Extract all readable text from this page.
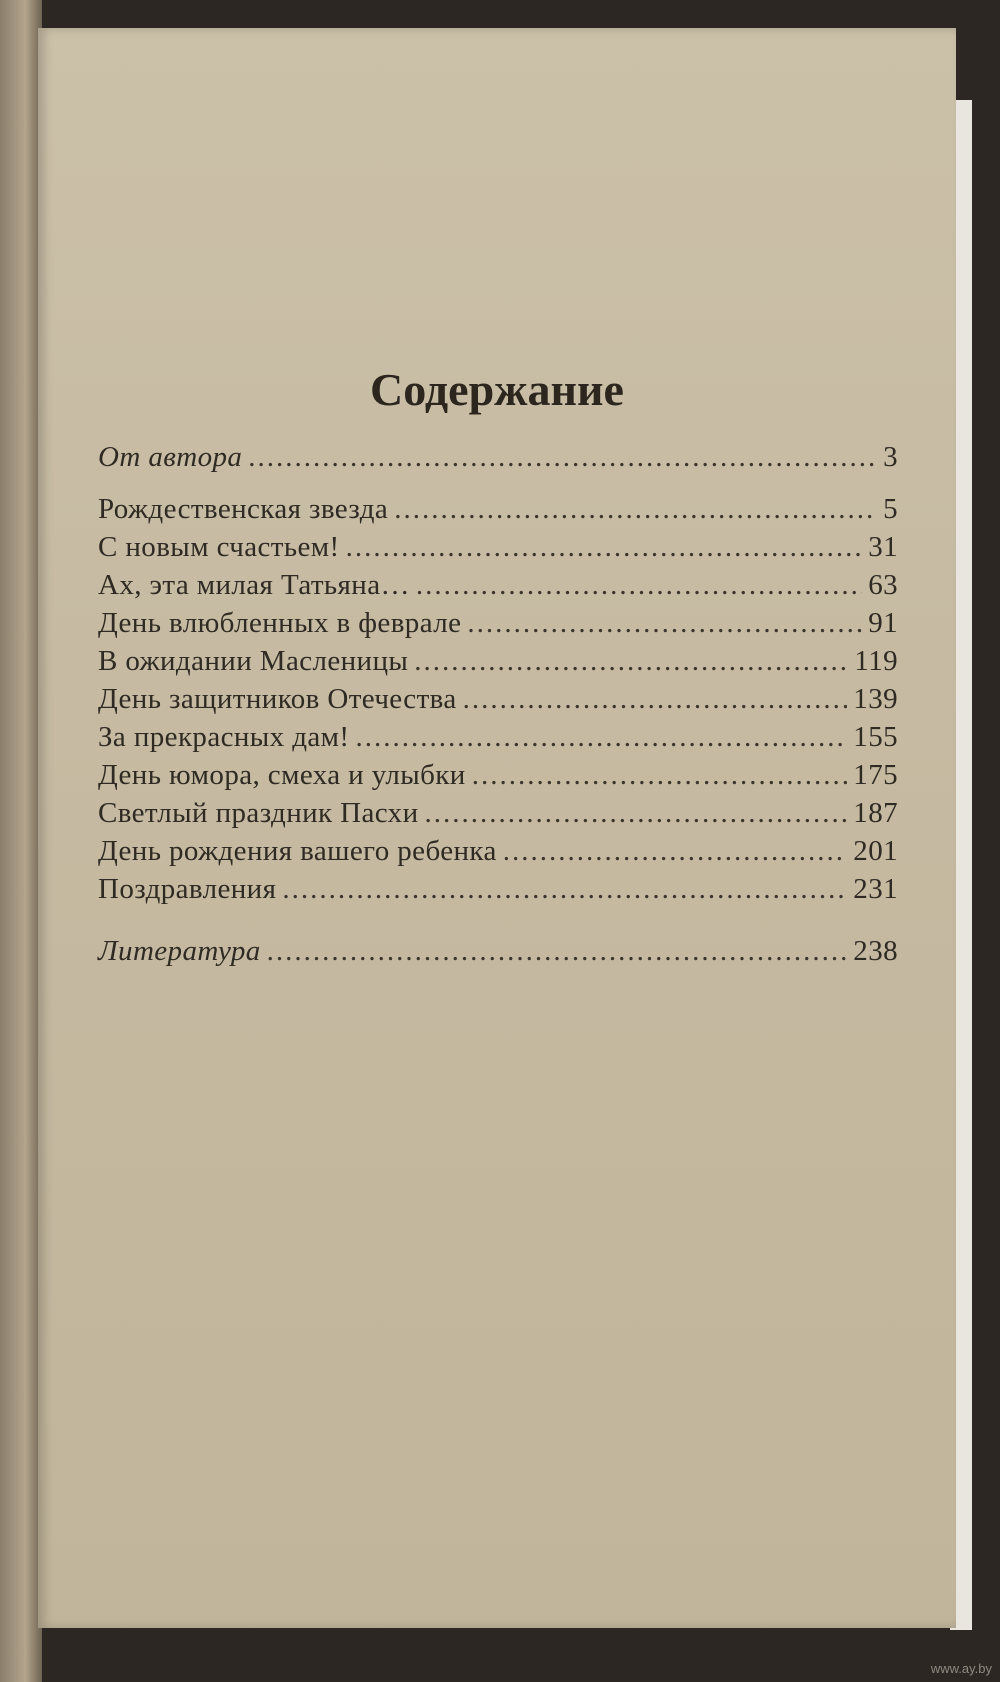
Содержание
От автора .....	3
Рождественская звезда .....	5
С новым счастьем! .....	31
Ах, эта милая Татьяна… .....	63
День влюбленных в феврале .....	91
В ожидании Масленицы .....	119
День защитников Отечества .....	139
За прекрасных дам! .....	155
День юмора, смеха и улыбки .....	175
Светлый праздник Пасхи .....	187
День рождения вашего ребенка .....	201
Поздравления .....	231
Литература .....	238
www.ay.by
